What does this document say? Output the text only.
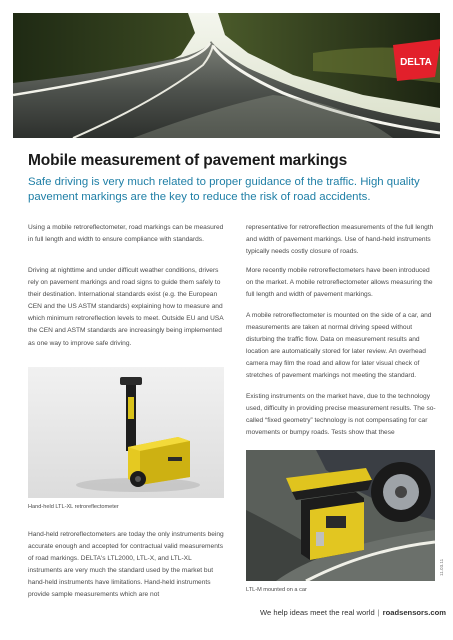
DELTA
Mobile measurement of pavement markings

Safe driving is very much related to proper guidance of the traffic. High quality pavement markings are the key to reduce the risk of road accidents.

Using a mobile retroreflectometer, road markings can be measured in full length and width to ensure compliance with standards.

Driving at nighttime and under difficult weather conditions, drivers rely on pavement markings and road signs to guide them safely to their destination. International standards exist (e.g. the European CEN and the US ASTM standards) explaining how to measure and which minimum retroreflection levels to meet. Outside EU and USA the CEN and ASTM standards are increasingly being implemented as one way to improve safe driving.

Hand-held LTL-XL retroreflectometer

Hand-held retroreflectometers are today the only instruments being accurate enough and accepted for contractual valid measurements of road markings. DELTA's LTL2000, LTL-X, and LTL-XL instruments are very much the standard used by the market but hand-held instruments have limitations. Hand-held instruments provide sample measurements which are not

representative for retroreflection measurements of the full length and width of pavement markings. Use of hand-held instruments typically needs costly closure of roads.

More recently mobile retroreflectometers have been introduced on the market. A mobile retroreflectometer allows measuring the full length and width of pavement markings.

A mobile retroreflectometer is mounted on the side of a car, and measurements are taken at normal driving speed without disturbing the traffic flow. Data on measurement results and location are automatically stored for later review. An overhead camera may film the road and allow for later visual check of stretches of pavement markings not meeting the standard.

Existing instruments on the market have, due to the technology used, difficulty in providing precise measurement results. The so-called “fixed geometry” technology is not compensating for car movements or bumpy roads. Tests show that these

LTL-M mounted on a car

11.03.11

We help ideas meet the real world | roadsensors.com
